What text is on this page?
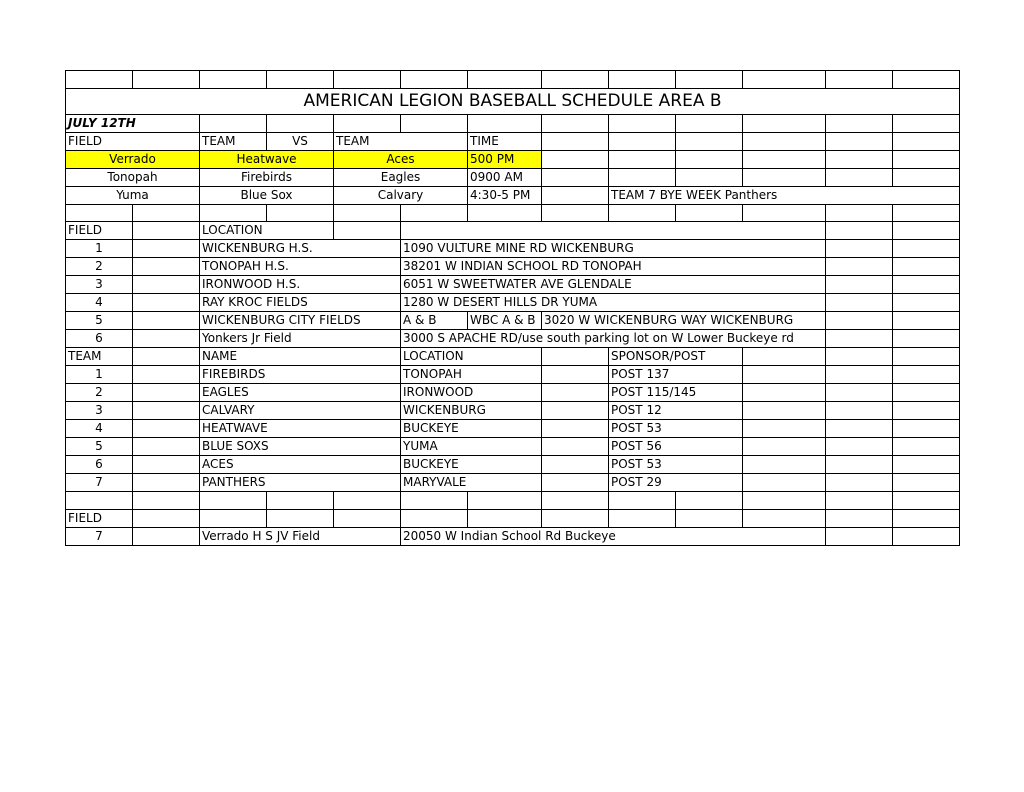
AMERICAN LEGION BASEBALL SCHEDULE AREA B												
JULY 12TH												
FIELD		TEAM	VS	TEAM		TIME						
Verrado		Heatwave		Aces		500 PM						
Tonopah		Firebirds		Eagles		0900 AM						
Yuma		Blue Sox		Calvary		4:30-5 PM		TEAM 7 BYE WEEK Panthers				

FIELD		LOCATION										
1		WICKENBURG H.S.			1090 VULTURE MINE RD WICKENBURG							
2		TONOPAH H.S.			38201 W INDIAN SCHOOL RD TONOPAH							
3		IRONWOOD H.S.			6051 W SWEETWATER AVE GLENDALE							
4		RAY KROC FIELDS			1280 W DESERT HILLS DR YUMA							
5		WICKENBURG CITY FIELDS			A & B	WBC A & B	3020 W WICKENBURG WAY WICKENBURG					
6		Yonkers Jr Field			3000 S APACHE RD/use south parking lot on W Lower Buckeye rd							
TEAM		NAME			LOCATION			SPONSOR/POST				
1		FIREBIRDS			TONOPAH			POST 137				
2		EAGLES			IRONWOOD			POST 115/145				
3		CALVARY			WICKENBURG			POST 12				
4		HEATWAVE			BUCKEYE			POST 53				
5		BLUE SOXS			YUMA			POST 56				
6		ACES			BUCKEYE			POST 53				
7		PANTHERS			MARYVALE			POST 29				

FIELD												
7		Verrado H S JV Field			20050 W Indian School Rd Buckeye							
